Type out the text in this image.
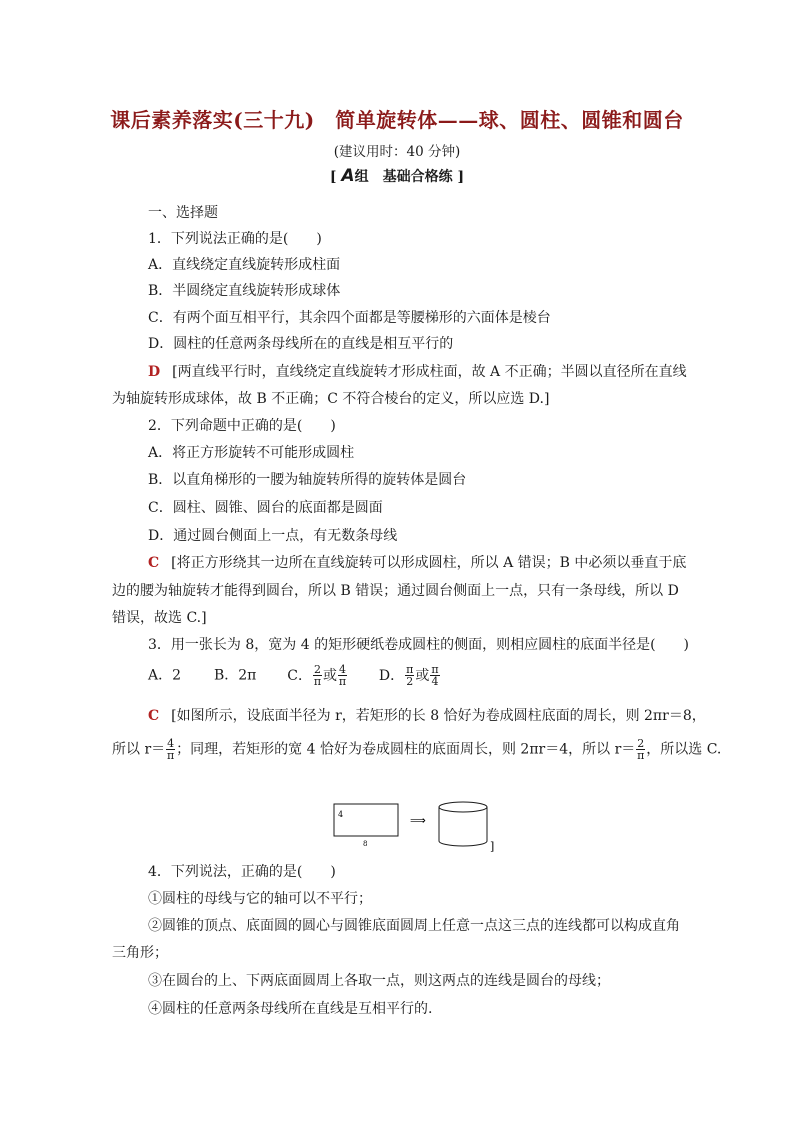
课后素养落实(三十九)　简单旋转体——球、圆柱、圆锥和圆台
(建议用时：40 分钟)
[ A组　基础合格练 ]
一、选择题
1．下列说法正确的是(　　)
A．直线绕定直线旋转形成柱面
B．半圆绕定直线旋转形成球体
C．有两个面互相平行，其余四个面都是等腰梯形的六面体是棱台
D．圆柱的任意两条母线所在的直线是相互平行的
D [两直线平行时，直线绕定直线旋转才形成柱面，故 A 不正确；半圆以直径所在直线
为轴旋转形成球体，故 B 不正确；C 不符合棱台的定义，所以应选 D.]
2．下列命题中正确的是(　　)
A．将正方形旋转不可能形成圆柱
B．以直角梯形的一腰为轴旋转所得的旋转体是圆台
C．圆柱、圆锥、圆台的底面都是圆面
D．通过圆台侧面上一点，有无数条母线
C [将正方形绕其一边所在直线旋转可以形成圆柱，所以 A 错误；B 中必须以垂直于底
边的腰为轴旋转才能得到圆台，所以 B 错误；通过圆台侧面上一点，只有一条母线，所以 D
错误，故选 C.]
3．用一张长为 8，宽为 4 的矩形硬纸卷成圆柱的侧面，则相应圆柱的底面半径是(　　)
A．2 B．2π C． $\frac{2}{\pi}$ 或 $\frac{4}{\pi}$ D． $\frac{\pi}{2}$ 或 $\frac{\pi}{4}$
C [如图所示，设底面半径为 r，若矩形的长 8 恰好为卷成圆柱底面的周长，则 2πr＝8，
所以 $r= \frac{4}{\pi}$ ；同理，若矩形的宽 4 恰好为卷成圆柱的底面周长，则 2πr＝4，所以 $r= \frac{2}{\pi}$ ，所以选 C.
4
8
⟹
]
4．下列说法，正确的是(　　)
①圆柱的母线与它的轴可以不平行；
②圆锥的顶点、底面圆的圆心与圆锥底面圆周上任意一点这三点的连线都可以构成直角
三角形；
③在圆台的上、下两底面圆周上各取一点，则这两点的连线是圆台的母线；
④圆柱的任意两条母线所在直线是互相平行的.
